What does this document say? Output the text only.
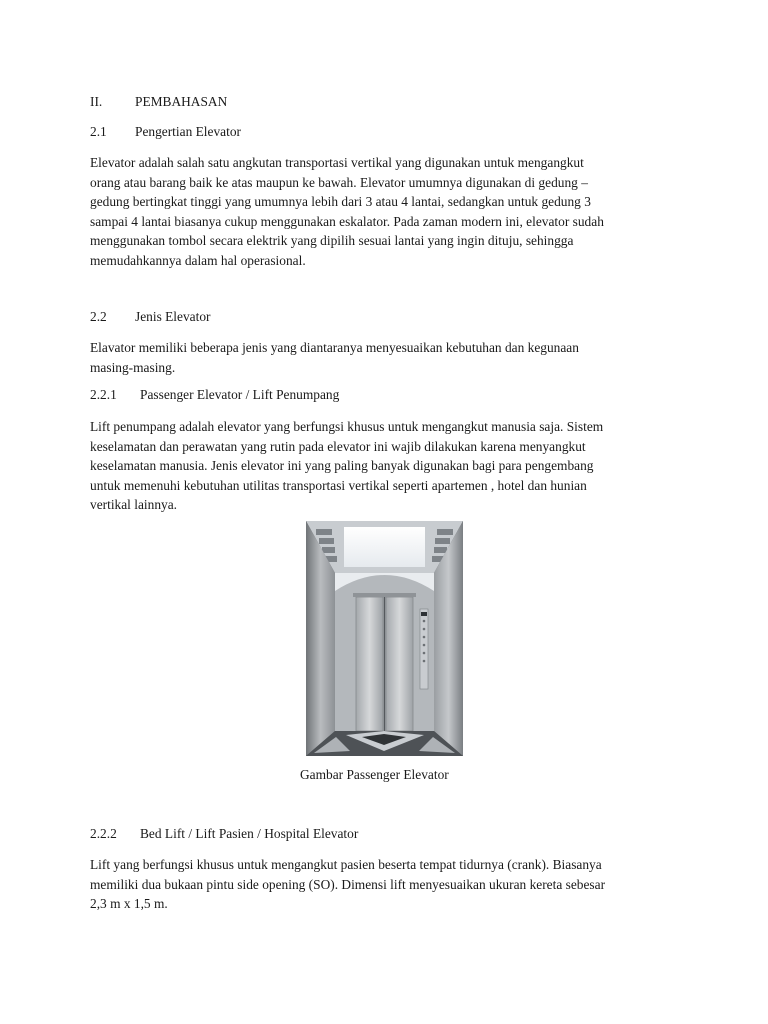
II. PEMBAHASAN
2.1 Pengertian Elevator
Elevator adalah salah satu angkutan transportasi vertikal yang digunakan untuk mengangkut
orang atau barang baik ke atas maupun ke bawah. Elevator umumnya digunakan di gedung –
gedung bertingkat tinggi yang umumnya lebih dari 3 atau 4 lantai, sedangkan untuk gedung 3
sampai 4 lantai biasanya cukup menggunakan eskalator. Pada zaman modern ini, elevator sudah
menggunakan tombol secara elektrik yang dipilih sesuai lantai yang ingin dituju, sehingga
memudahkannya dalam hal operasional.
2.2 Jenis Elevator
Elavator memiliki beberapa jenis yang diantaranya menyesuaikan kebutuhan dan kegunaan
masing-masing.
2.2.1 Passenger Elevator / Lift Penumpang
Lift penumpang adalah elevator yang berfungsi khusus untuk mengangkut manusia saja. Sistem
keselamatan dan perawatan yang rutin pada elevator ini wajib dilakukan karena menyangkut
keselamatan manusia. Jenis elevator ini yang paling banyak digunakan bagi para pengembang
untuk memenuhi kebutuhan utilitas transportasi vertikal seperti apartemen , hotel dan hunian
vertikal lainnya.
Gambar Passenger Elevator
2.2.2 Bed Lift / Lift Pasien / Hospital Elevator
Lift yang berfungsi khusus untuk mengangkut pasien beserta tempat tidurnya (crank). Biasanya
memiliki dua bukaan pintu side opening (SO). Dimensi lift menyesuaikan ukuran kereta sebesar
2,3 m x 1,5 m.
